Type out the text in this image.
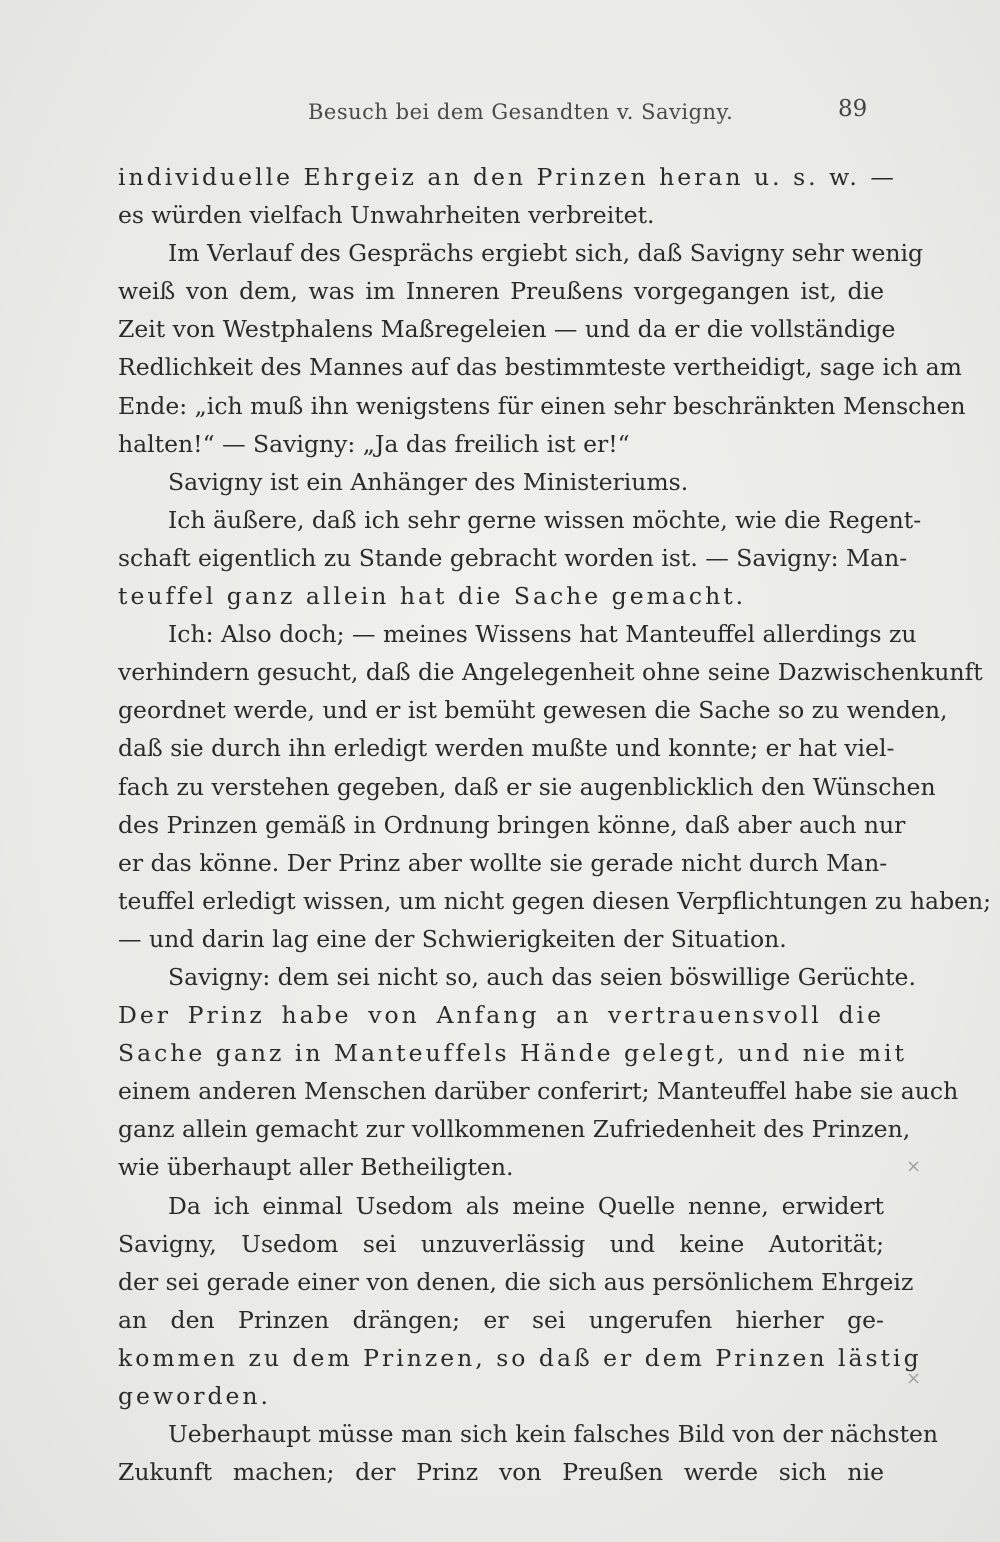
Besuch bei dem Gesandten v. Savigny.	89
individuelle Ehrgeiz an den Prinzen heran u. s. w. —
es würden vielfach Unwahrheiten verbreitet.
Im Verlauf des Gesprächs ergiebt sich, daß Savigny sehr wenig
weiß von dem, was im Inneren Preußens vorgegangen ist, die
Zeit von Westphalens Maßregeleien — und da er die vollständige
Redlichkeit des Mannes auf das bestimmteste vertheidigt, sage ich am
Ende: „ich muß ihn wenigstens für einen sehr beschränkten Menschen
halten!“ — Savigny: „Ja das freilich ist er!“
Savigny ist ein Anhänger des Ministeriums.
Ich äußere, daß ich sehr gerne wissen möchte, wie die Regent-
schaft eigentlich zu Stande gebracht worden ist. — Savigny: Man-
teuffel ganz allein hat die Sache gemacht.
Ich: Also doch; — meines Wissens hat Manteuffel allerdings zu
verhindern gesucht, daß die Angelegenheit ohne seine Dazwischenkunft
geordnet werde, und er ist bemüht gewesen die Sache so zu wenden,
daß sie durch ihn erledigt werden mußte und konnte; er hat viel-
fach zu verstehen gegeben, daß er sie augenblicklich den Wünschen
des Prinzen gemäß in Ordnung bringen könne, daß aber auch nur
er das könne. Der Prinz aber wollte sie gerade nicht durch Man-
teuffel erledigt wissen, um nicht gegen diesen Verpflichtungen zu haben;
— und darin lag eine der Schwierigkeiten der Situation.
Savigny: dem sei nicht so, auch das seien böswillige Gerüchte.
Der Prinz habe von Anfang an vertrauensvoll die
Sache ganz in Manteuffels Hände gelegt, und nie mit
einem anderen Menschen darüber conferirt; Manteuffel habe sie auch
ganz allein gemacht zur vollkommenen Zufriedenheit des Prinzen,
wie überhaupt aller Betheiligten.
Da ich einmal Usedom als meine Quelle nenne, erwidert
Savigny, Usedom sei unzuverlässig und keine Autorität;
der sei gerade einer von denen, die sich aus persönlichem Ehrgeiz
an den Prinzen drängen; er sei ungerufen hierher ge-
kommen zu dem Prinzen, so daß er dem Prinzen lästig
geworden.
Ueberhaupt müsse man sich kein falsches Bild von der nächsten
Zukunft machen; der Prinz von Preußen werde sich nie
×
×
